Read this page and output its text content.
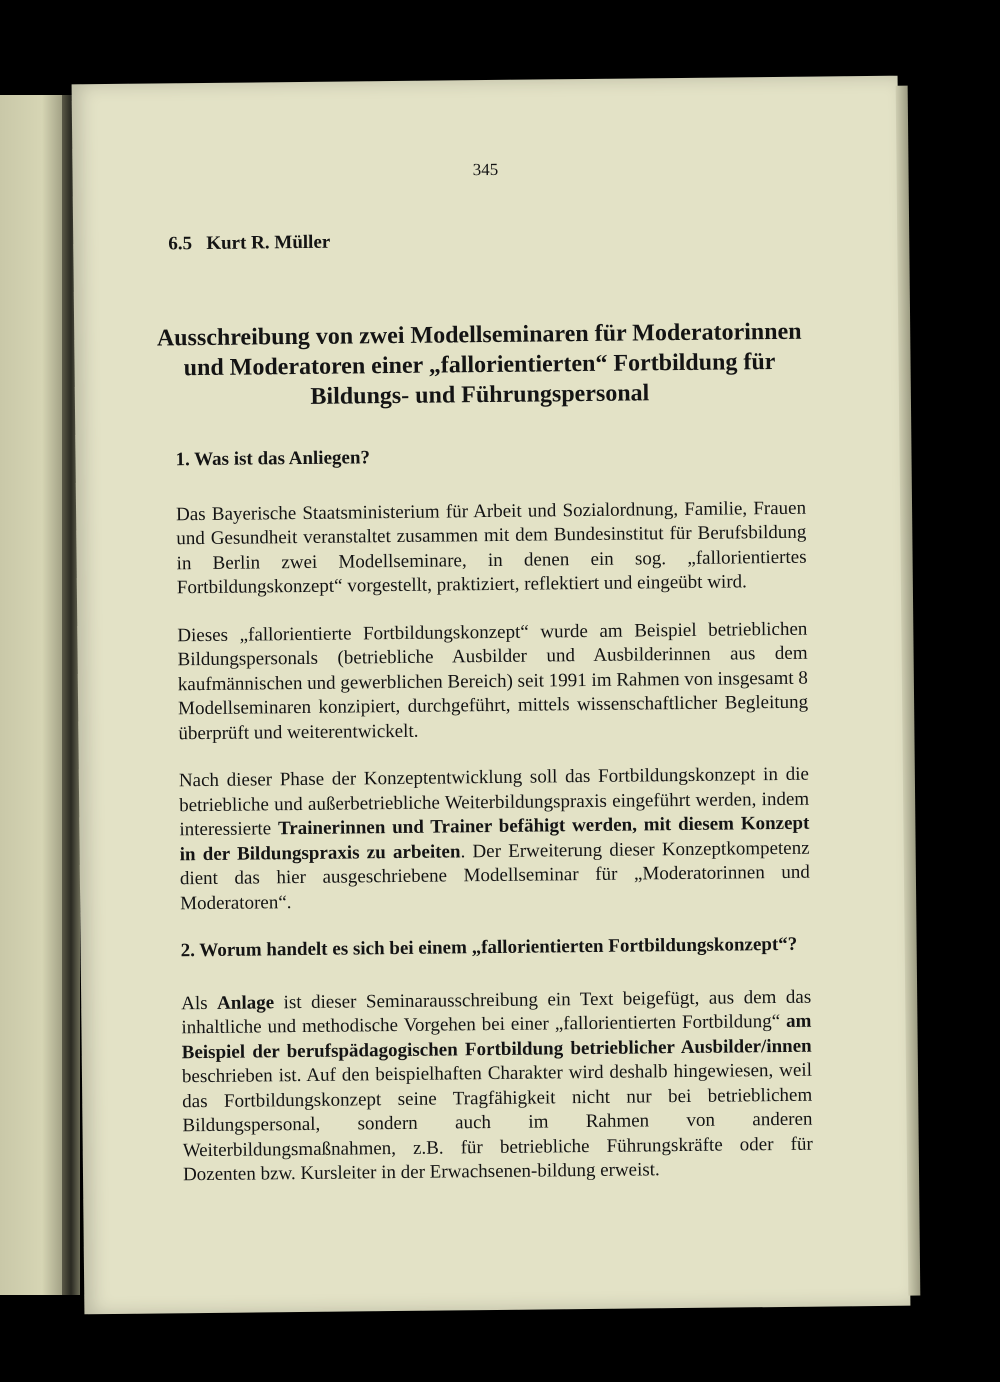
345
6.5 Kurt R. Müller
Ausschreibung von zwei Modellseminaren für Moderatorinnen
und Moderatoren einer „fallorientierten“ Fortbildung für
Bildungs- und Führungspersonal
1. Was ist das Anliegen?

Das Bayerische Staatsministerium für Arbeit und Sozialordnung, Familie, Frauen und Gesundheit veranstaltet zusammen mit dem Bundesinstitut für Berufsbildung in Berlin zwei Modellseminare, in denen ein sog. „fallorientiertes Fortbildungskonzept“ vorgestellt, praktiziert, reflektiert und eingeübt wird.

Dieses „fallorientierte Fortbildungskonzept“ wurde am Beispiel betrieblichen Bildungspersonals (betriebliche Ausbilder und Ausbilderinnen aus dem kaufmännischen und gewerblichen Bereich) seit 1991 im Rahmen von insgesamt 8 Modellseminaren konzipiert, durchgeführt, mittels wissenschaftlicher Begleitung überprüft und weiterentwickelt.

Nach dieser Phase der Konzeptentwicklung soll das Fortbildungskonzept in die betriebliche und außerbetriebliche Weiterbildungspraxis eingeführt werden, indem interessierte Trainerinnen und Trainer befähigt werden, mit diesem Konzept in der Bildungspraxis zu arbeiten. Der Erweiterung dieser Konzeptkompetenz dient das hier ausgeschriebene Modellseminar für „Moderatorinnen und Moderatoren“.

2. Worum handelt es sich bei einem „fallorientierten Fortbildungskonzept“?

Als Anlage ist dieser Seminarausschreibung ein Text beigefügt, aus dem das inhaltliche und methodische Vorgehen bei einer „fallorientierten Fortbildung“ am Beispiel der berufspädagogischen Fortbildung betrieblicher Ausbilder/innen beschrieben ist. Auf den beispielhaften Charakter wird deshalb hingewiesen, weil das Fortbildungskonzept seine Tragfähigkeit nicht nur bei betrieblichem Bildungspersonal, sondern auch im Rahmen von anderen Weiterbildungsmaßnahmen, z.B. für betriebliche Führungskräfte oder für Dozenten bzw. Kursleiter in der Erwachsenen-bildung erweist.
